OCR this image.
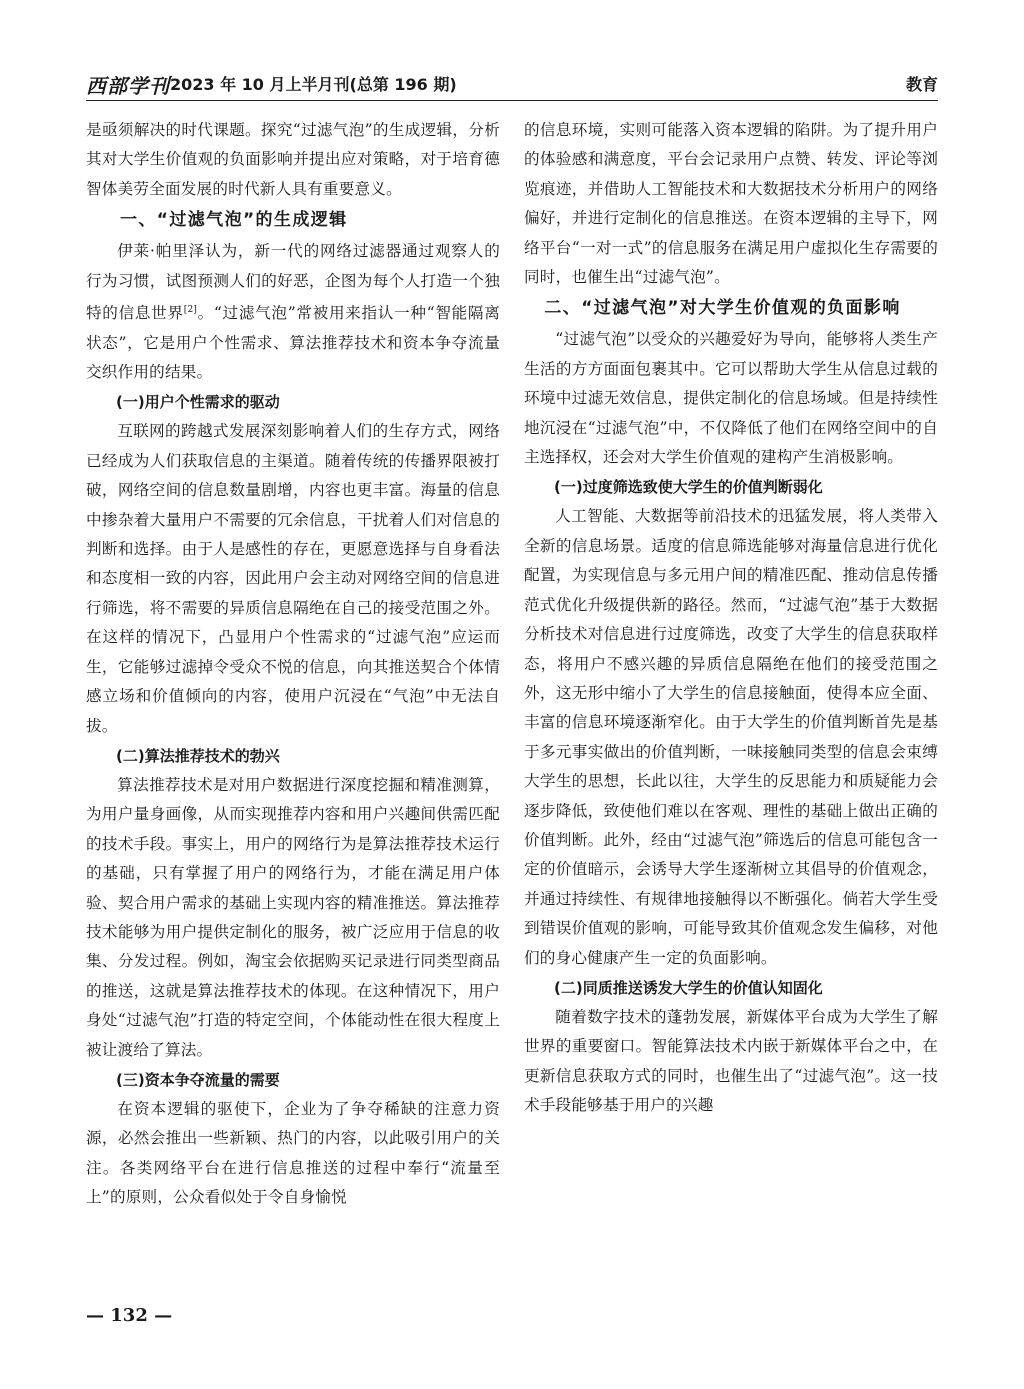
西部学刊 2023 年 10 月上半月刊(总第 196 期)	教育

是亟须解决的时代课题。探究“过滤气泡”的生成逻辑，分析其对大学生价值观的负面影响并提出应对策略，对于培育德智体美劳全面发展的时代新人具有重要意义。

一、“过滤气泡”的生成逻辑

伊莱·帕里泽认为，新一代的网络过滤器通过观察人的行为习惯，试图预测人们的好恶，企图为每个人打造一个独特的信息世界[2]。“过滤气泡”常被用来指认一种“智能隔离状态”，它是用户个性需求、算法推荐技术和资本争夺流量交织作用的结果。

(一)用户个性需求的驱动

互联网的跨越式发展深刻影响着人们的生存方式，网络已经成为人们获取信息的主渠道。随着传统的传播界限被打破，网络空间的信息数量剧增，内容也更丰富。海量的信息中掺杂着大量用户不需要的冗余信息，干扰着人们对信息的判断和选择。由于人是感性的存在，更愿意选择与自身看法和态度相一致的内容，因此用户会主动对网络空间的信息进行筛选，将不需要的异质信息隔绝在自己的接受范围之外。在这样的情况下，凸显用户个性需求的“过滤气泡”应运而生，它能够过滤掉令受众不悦的信息，向其推送契合个体情感立场和价值倾向的内容，使用户沉浸在“气泡”中无法自拔。

(二)算法推荐技术的勃兴

算法推荐技术是对用户数据进行深度挖掘和精准测算，为用户量身画像，从而实现推荐内容和用户兴趣间供需匹配的技术手段。事实上，用户的网络行为是算法推荐技术运行的基础，只有掌握了用户的网络行为，才能在满足用户体验、契合用户需求的基础上实现内容的精准推送。算法推荐技术能够为用户提供定制化的服务，被广泛应用于信息的收集、分发过程。例如，淘宝会依据购买记录进行同类型商品的推送，这就是算法推荐技术的体现。在这种情况下，用户身处“过滤气泡”打造的特定空间，个体能动性在很大程度上被让渡给了算法。

(三)资本争夺流量的需要

在资本逻辑的驱使下，企业为了争夺稀缺的注意力资源，必然会推出一些新颖、热门的内容，以此吸引用户的关注。各类网络平台在进行信息推送的过程中奉行“流量至上”的原则，公众看似处于令自身愉悦

的信息环境，实则可能落入资本逻辑的陷阱。为了提升用户的体验感和满意度，平台会记录用户点赞、转发、评论等浏览痕迹，并借助人工智能技术和大数据技术分析用户的网络偏好，并进行定制化的信息推送。在资本逻辑的主导下，网络平台“一对一式”的信息服务在满足用户虚拟化生存需要的同时，也催生出“过滤气泡”。

二、“过滤气泡”对大学生价值观的负面影响

“过滤气泡”以受众的兴趣爱好为导向，能够将人类生产生活的方方面面包裹其中。它可以帮助大学生从信息过载的环境中过滤无效信息，提供定制化的信息场域。但是持续性地沉浸在“过滤气泡”中，不仅降低了他们在网络空间中的自主选择权，还会对大学生价值观的建构产生消极影响。

(一)过度筛选致使大学生的价值判断弱化

人工智能、大数据等前沿技术的迅猛发展，将人类带入全新的信息场景。适度的信息筛选能够对海量信息进行优化配置，为实现信息与多元用户间的精准匹配、推动信息传播范式优化升级提供新的路径。然而，“过滤气泡”基于大数据分析技术对信息进行过度筛选，改变了大学生的信息获取样态，将用户不感兴趣的异质信息隔绝在他们的接受范围之外，这无形中缩小了大学生的信息接触面，使得本应全面、丰富的信息环境逐渐窄化。由于大学生的价值判断首先是基于多元事实做出的价值判断，一味接触同类型的信息会束缚大学生的思想，长此以往，大学生的反思能力和质疑能力会逐步降低，致使他们难以在客观、理性的基础上做出正确的价值判断。此外，经由“过滤气泡”筛选后的信息可能包含一定的价值暗示，会诱导大学生逐渐树立其倡导的价值观念，并通过持续性、有规律地接触得以不断强化。倘若大学生受到错误价值观的影响，可能导致其价值观念发生偏移，对他们的身心健康产生一定的负面影响。

(二)同质推送诱发大学生的价值认知固化

随着数字技术的蓬勃发展，新媒体平台成为大学生了解世界的重要窗口。智能算法技术内嵌于新媒体平台之中，在更新信息获取方式的同时，也催生出了“过滤气泡”。这一技术手段能够基于用户的兴趣

— 132 —
